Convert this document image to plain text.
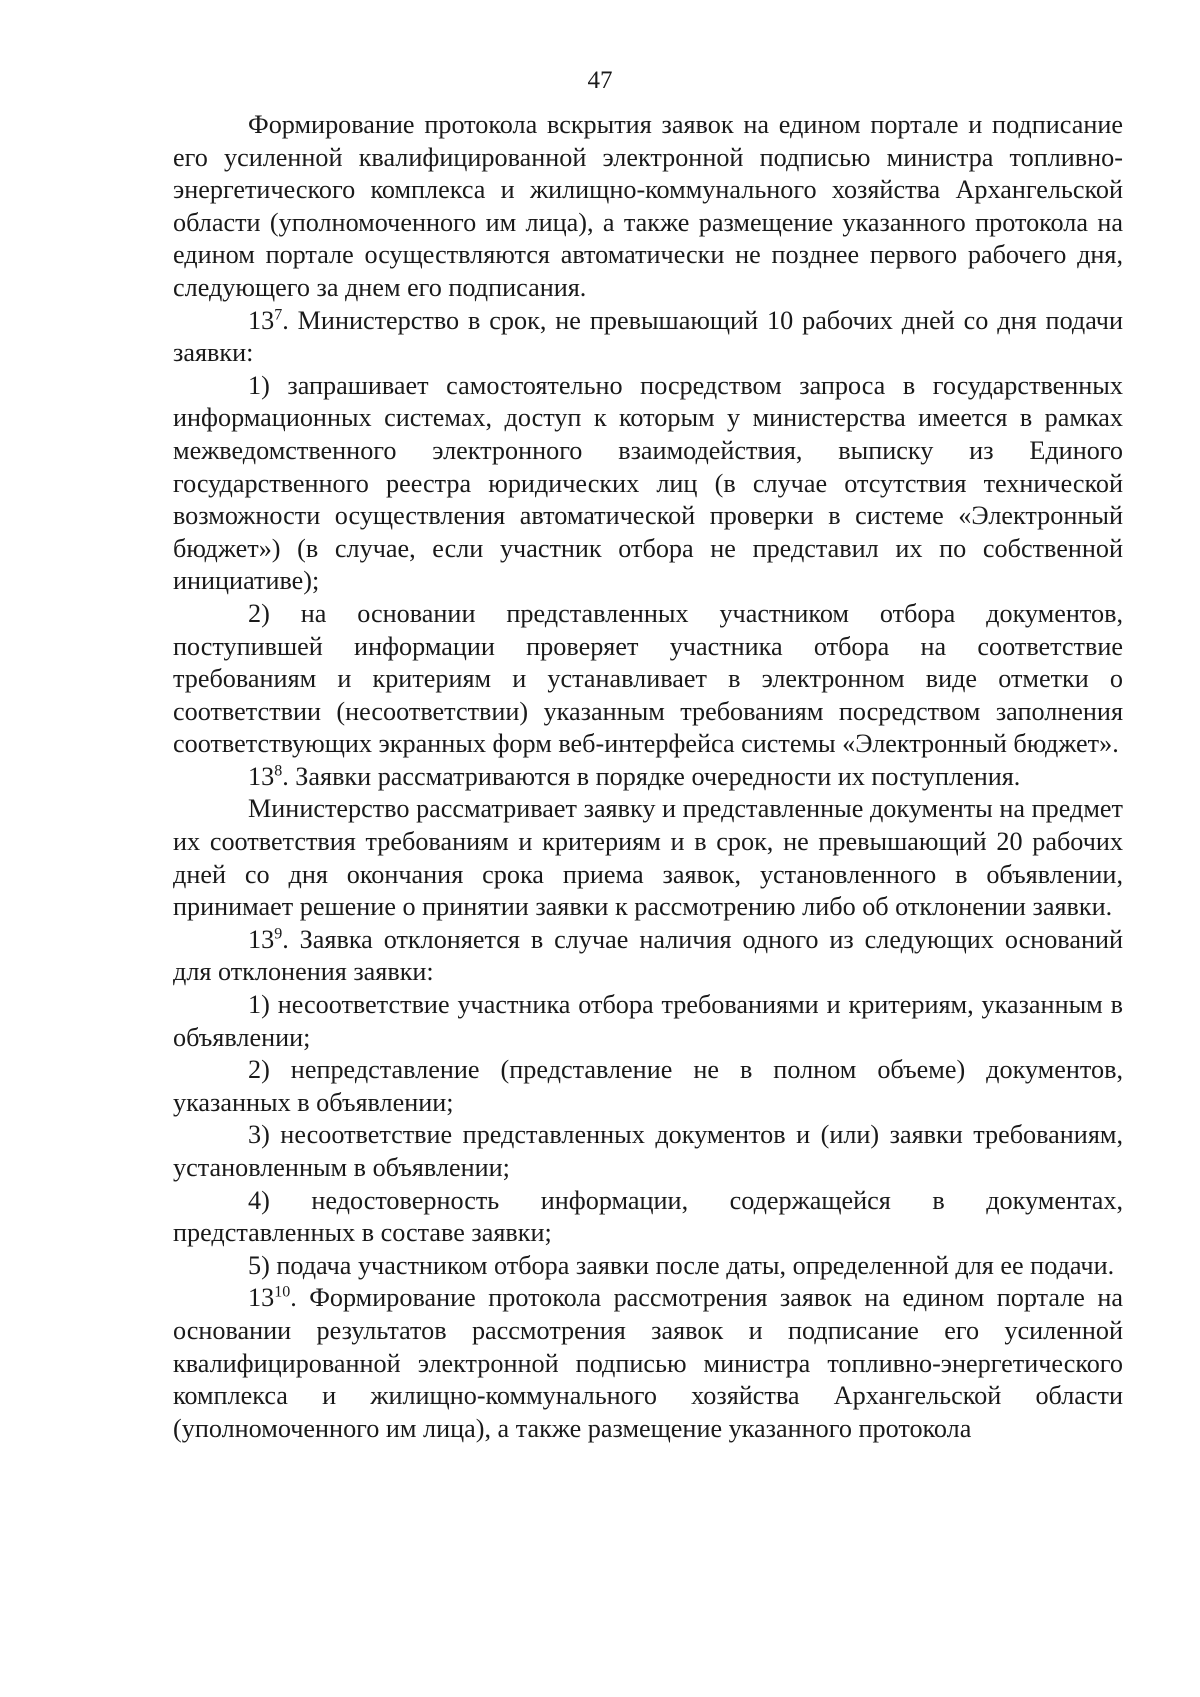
47

Формирование протокола вскрытия заявок на едином портале и подписание его усиленной квалифицированной электронной подписью министра топливно-энергетического комплекса и жилищно-коммунального хозяйства Архангельской области (уполномоченного им лица), а также размещение указанного протокола на едином портале осуществляются автоматически не позднее первого рабочего дня, следующего за днем его подписания.

$13^7$. Министерство в срок, не превышающий 10 рабочих дней со дня подачи заявки:

1) запрашивает самостоятельно посредством запроса в государственных информационных системах, доступ к которым у министерства имеется в рамках межведомственного электронного взаимодействия, выписку из Единого государственного реестра юридических лиц (в случае отсутствия технической возможности осуществления автоматической проверки в системе «Электронный бюджет») (в случае, если участник отбора не представил их по собственной инициативе);

2) на основании представленных участником отбора документов, поступившей информации проверяет участника отбора на соответствие требованиям и критериям и устанавливает в электронном виде отметки о соответствии (несоответствии) указанным требованиям посредством заполнения соответствующих экранных форм веб-интерфейса системы «Электронный бюджет».

$13^8$. Заявки рассматриваются в порядке очередности их поступления.

Министерство рассматривает заявку и представленные документы на предмет их соответствия требованиям и критериям и в срок, не превышающий 20 рабочих дней со дня окончания срока приема заявок, установленного в объявлении, принимает решение о принятии заявки к рассмотрению либо об отклонении заявки.

$13^9$. Заявка отклоняется в случае наличия одного из следующих оснований для отклонения заявки:

1) несоответствие участника отбора требованиями и критериям, указанным в объявлении;

2) непредставление (представление не в полном объеме) документов, указанных в объявлении;

3) несоответствие представленных документов и (или) заявки требованиям, установленным в объявлении;

4) недостоверность информации, содержащейся в документах, представленных в составе заявки;

5) подача участником отбора заявки после даты, определенной для ее подачи.

$13^{10}$. Формирование протокола рассмотрения заявок на едином портале на основании результатов рассмотрения заявок и подписание его усиленной квалифицированной электронной подписью министра топливно-энергетического комплекса и жилищно-коммунального хозяйства Архангельской области (уполномоченного им лица), а также размещение указанного протокола
